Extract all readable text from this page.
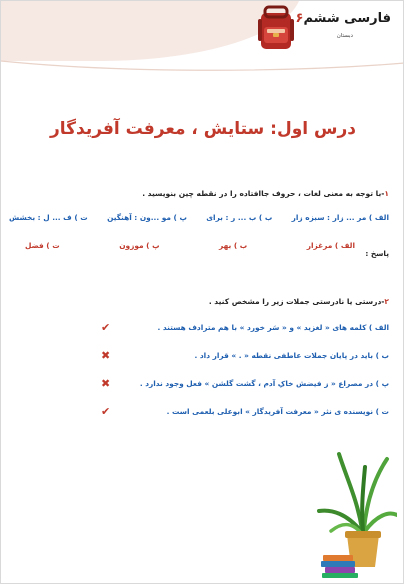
فارسی ششم۶
دبستان
درس اول: ستایش ، معرفت آفریدگار
۱-با توجه به معنی لغات ، حروف جاافتاده را در نقطه چین بنویسید .
الف ) مر ... زار : سبزه زار
ب ) ب ... ر : برای
پ ) مو ...ون : آهنگین
ت ) ف ... ل : بخشش
پاسخ :
الف ) مرغزار
ب ) بهر
پ ) موزون
ت ) فضل
۲-درستی یا نادرستی جملات زیر را مشخص کنید .
الف ) کلمه های « لغزید » و « سَر خورد » با هم مترادف هستند .
✔
ب ) باید در پایان جملات عاطفی نقطه « . » قرار داد .
✖
پ ) در مصراع « ز فیضش خاکِ آدم ، گشت گلشن » فعل وجود ندارد .
✖
ت ) نویسنده ی نثر « معرفت آفریدگار » ابوعلی بلعمی است .
✔
